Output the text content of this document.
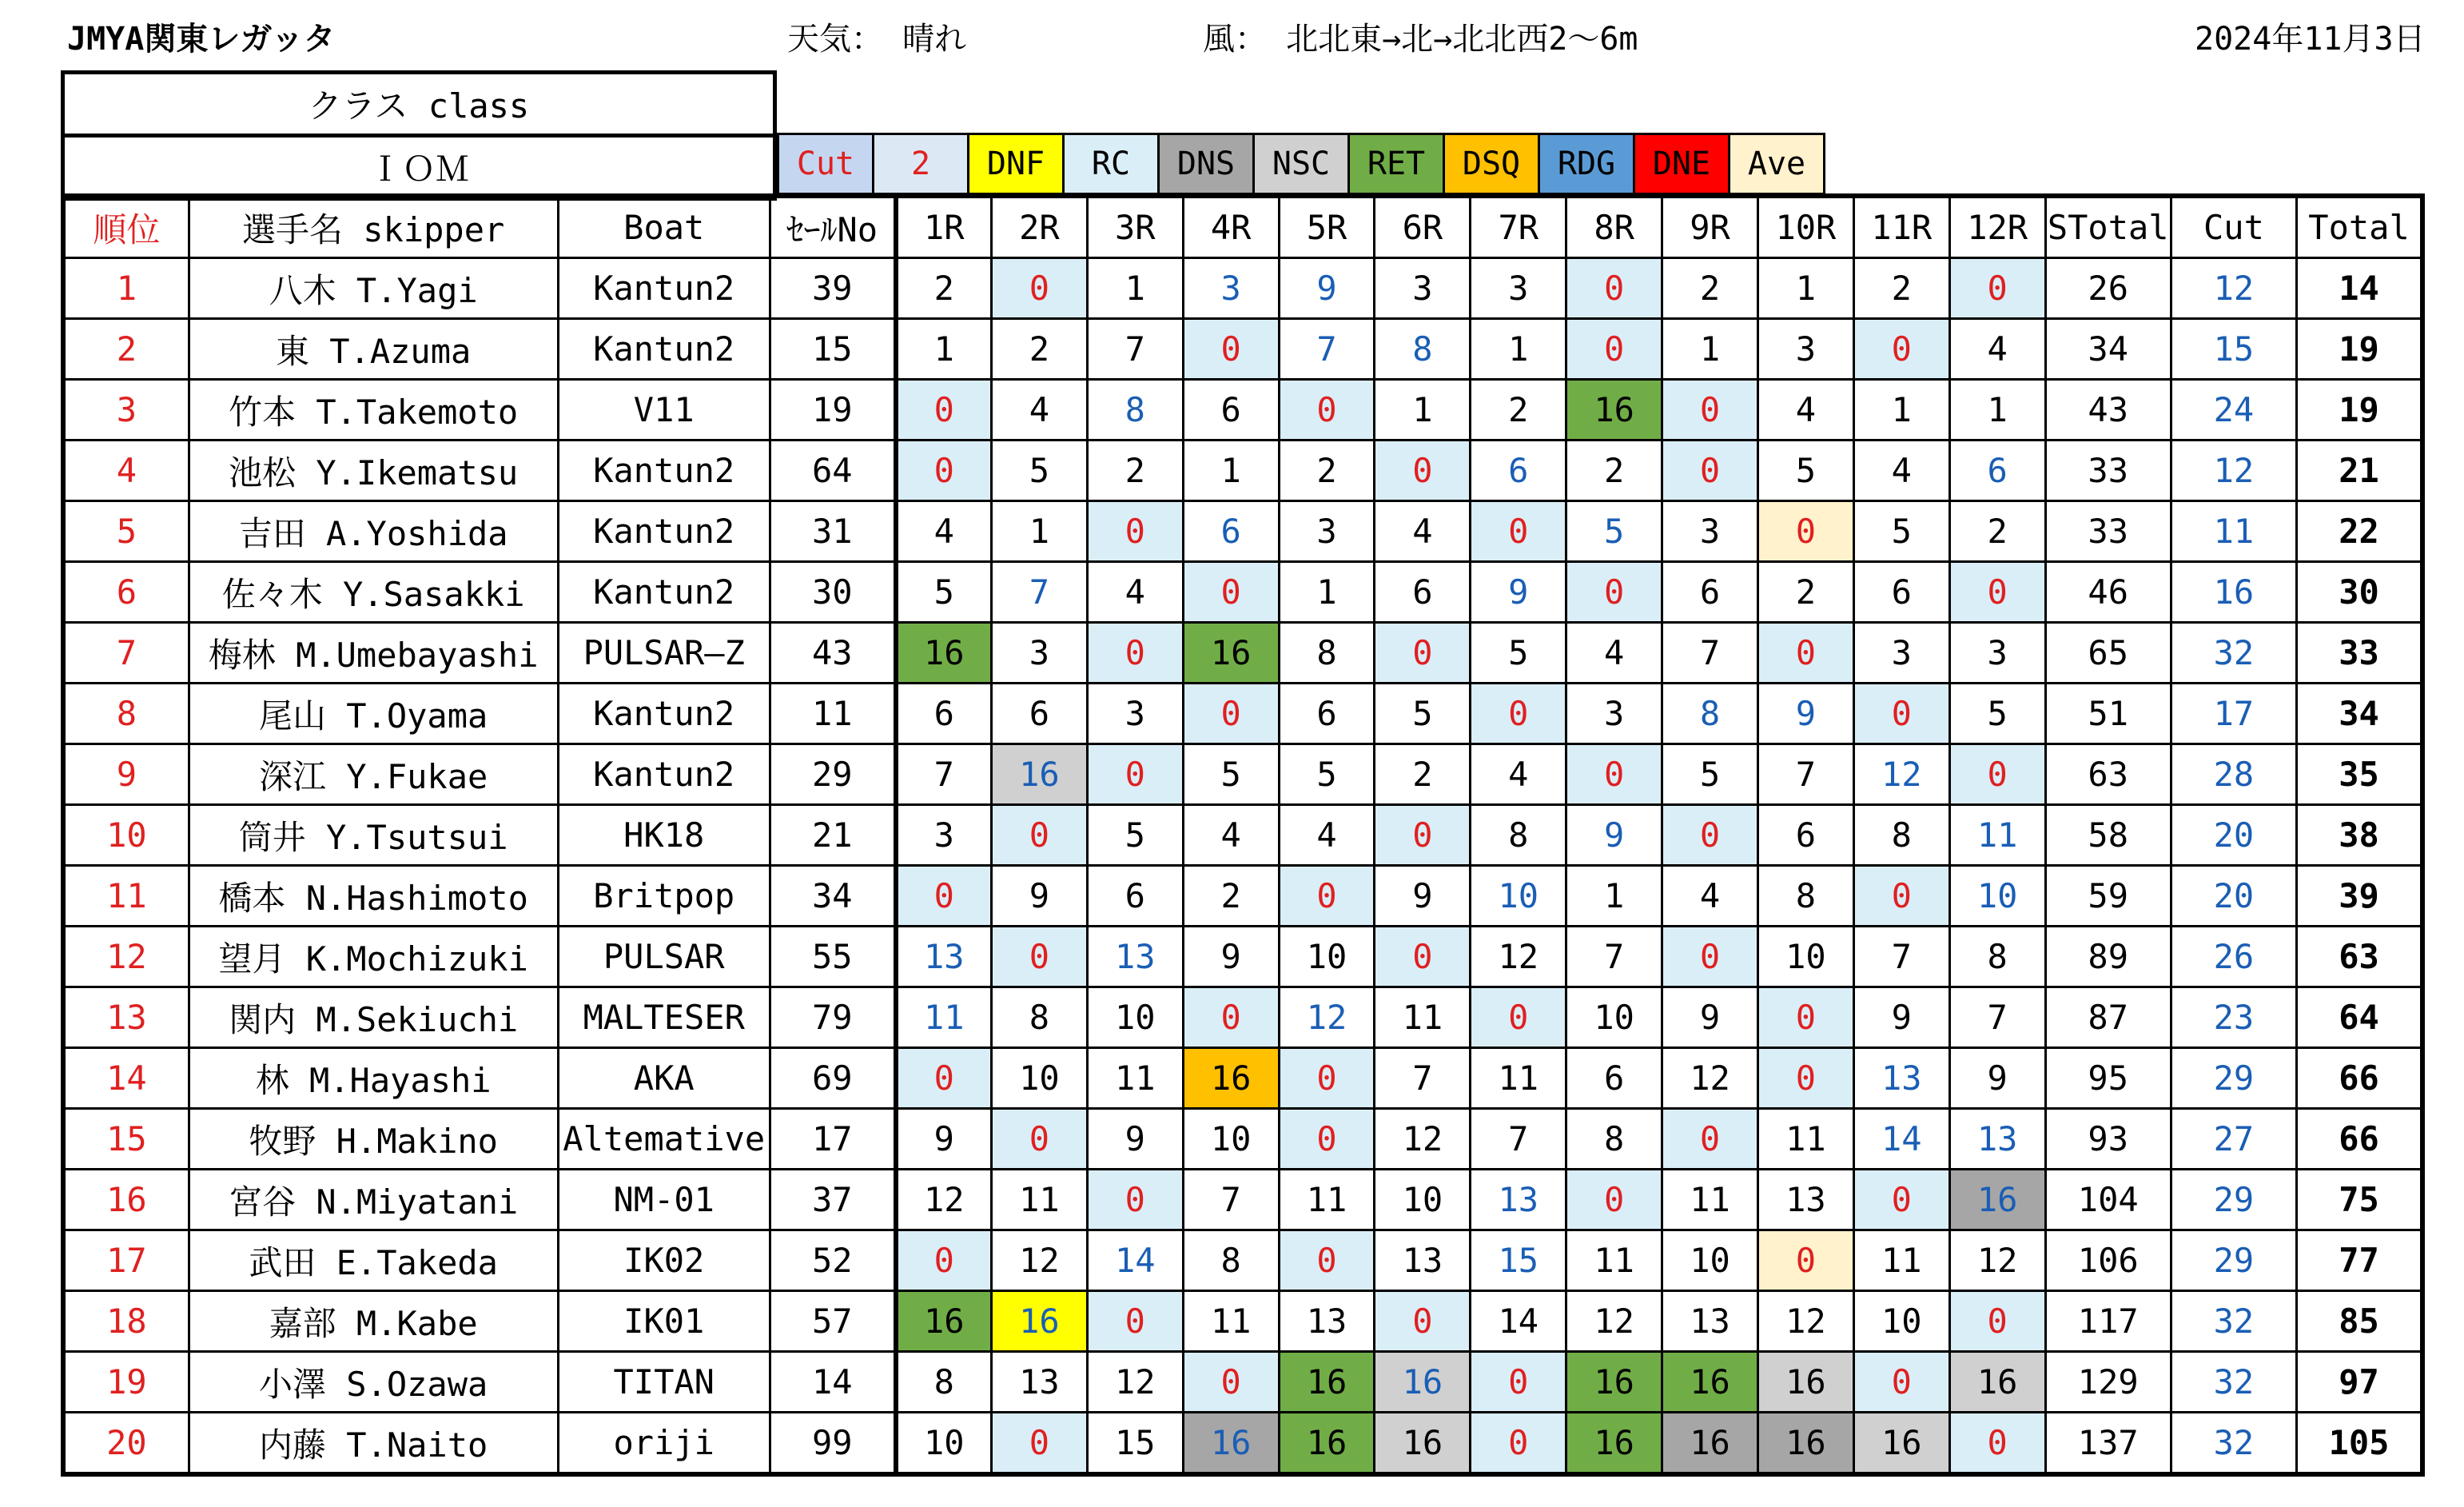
JMYA関東レガッタ	天気： 晴れ	風： 北北東→北→北北西2～6m	2024年11月3日
クラス class
ＩＯＭ	Cut	2	DNF	RC	DNS	NSC	RET	DSQ	RDG	DNE	Ave
順位	選手名 skipper	Boat	ｾｰﾙNo	1R	2R	3R	4R	5R	6R	7R	8R	9R	10R	11R	12R	STotal	Cut	Total
1	八木 T.Yagi	Kantun2	39	2	0	1	3	9	3	3	0	2	1	2	0	26	12	14
2	東 T.Azuma	Kantun2	15	1	2	7	0	7	8	1	0	1	3	0	4	34	15	19
3	竹本 T.Takemoto	V11	19	0	4	8	6	0	1	2	16	0	4	1	1	43	24	19
4	池松 Y.Ikematsu	Kantun2	64	0	5	2	1	2	0	6	2	0	5	4	6	33	12	21
5	吉田 A.Yoshida	Kantun2	31	4	1	0	6	3	4	0	5	3	0	5	2	33	11	22
6	佐々木 Y.Sasakki	Kantun2	30	5	7	4	0	1	6	9	0	6	2	6	0	46	16	30
7	梅林 M.Umebayashi	PULSAR―Z	43	16	3	0	16	8	0	5	4	7	0	3	3	65	32	33
8	尾山 T.Oyama	Kantun2	11	6	6	3	0	6	5	0	3	8	9	0	5	51	17	34
9	深江 Y.Fukae	Kantun2	29	7	16	0	5	5	2	4	0	5	7	12	0	63	28	35
10	筒井 Y.Tsutsui	HK18	21	3	0	5	4	4	0	8	9	0	6	8	11	58	20	38
11	橋本 N.Hashimoto	Britpop	34	0	9	6	2	0	9	10	1	4	8	0	10	59	20	39
12	望月 K.Mochizuki	PULSAR	55	13	0	13	9	10	0	12	7	0	10	7	8	89	26	63
13	関内 M.Sekiuchi	MALTESER	79	11	8	10	0	12	11	0	10	9	0	9	7	87	23	64
14	林 M.Hayashi	AKA	69	0	10	11	16	0	7	11	6	12	0	13	9	95	29	66
15	牧野 H.Makino	Altemative	17	9	0	9	10	0	12	7	8	0	11	14	13	93	27	66
16	宮谷 N.Miyatani	NM-01	37	12	11	0	7	11	10	13	0	11	13	0	16	104	29	75
17	武田 E.Takeda	IK02	52	0	12	14	8	0	13	15	11	10	0	11	12	106	29	77
18	嘉部 M.Kabe	IK01	57	16	16	0	11	13	0	14	12	13	12	10	0	117	32	85
19	小澤 S.Ozawa	TITAN	14	8	13	12	0	16	16	0	16	16	16	0	16	129	32	97
20	内藤 T.Naito	oriji	99	10	0	15	16	16	16	0	16	16	16	16	0	137	32	105
